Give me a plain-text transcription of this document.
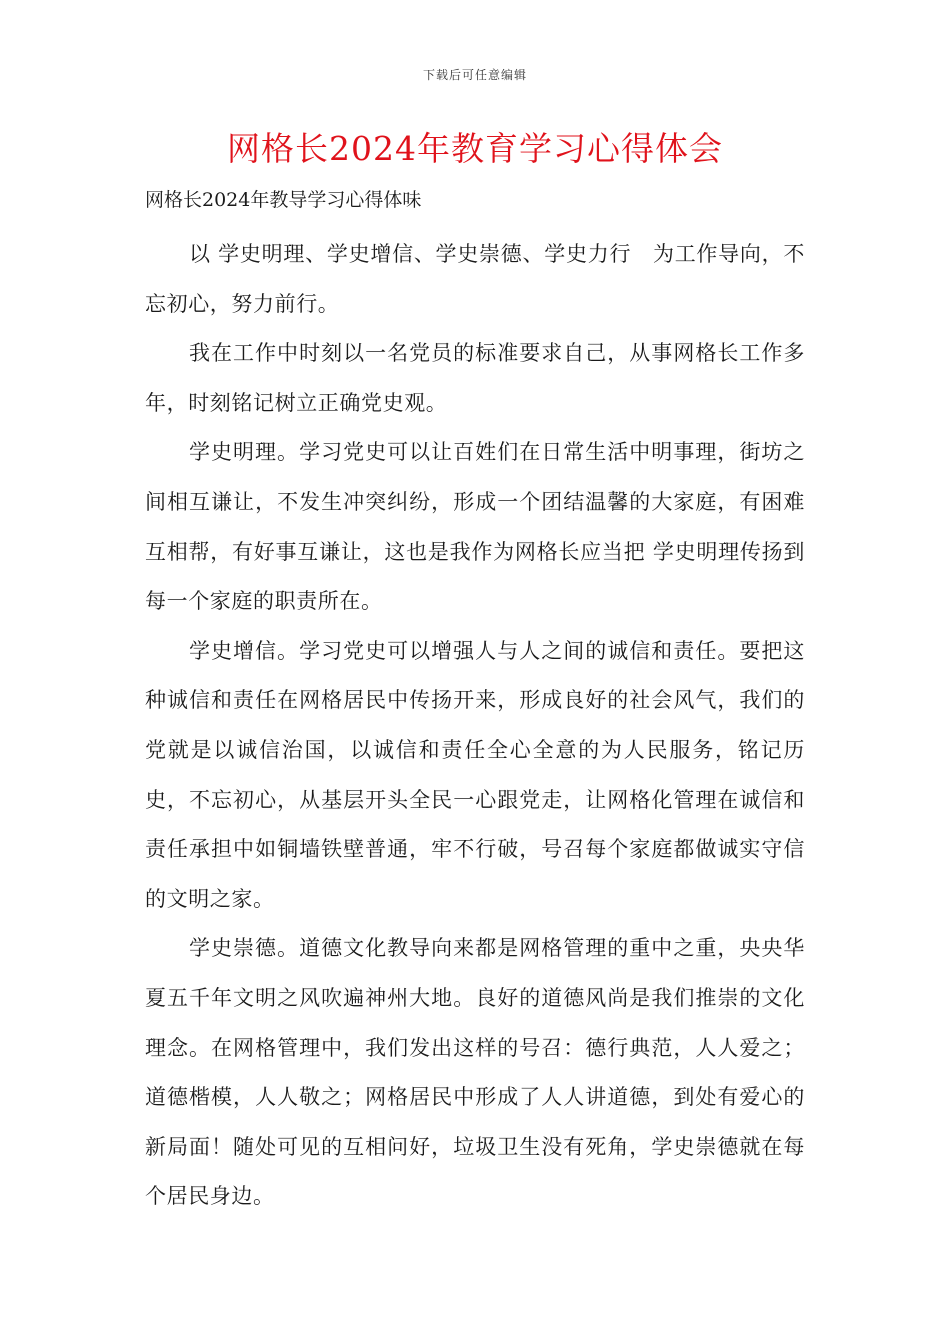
下载后可任意编辑
网格长2024年教育学习心得体会
网格长2024年教导学习心得体味

以 学史明理、学史增信、学史崇德、学史力行　为工作导向，不忘初心，努力前行。

我在工作中时刻以一名党员的标准要求自己，从事网格长工作多年，时刻铭记树立正确党史观。

学史明理。学习党史可以让百姓们在日常生活中明事理，街坊之间相互谦让，不发生冲突纠纷，形成一个团结温馨的大家庭，有困难互相帮，有好事互谦让，这也是我作为网格长应当把 学史明理传扬到每一个家庭的职责所在。

学史增信。学习党史可以增强人与人之间的诚信和责任。要把这种诚信和责任在网格居民中传扬开来，形成良好的社会风气，我们的党就是以诚信治国，以诚信和责任全心全意的为人民服务，铭记历史，不忘初心，从基层开头全民一心跟党走，让网格化管理在诚信和责任承担中如铜墙铁壁普通，牢不行破，号召每个家庭都做诚实守信的文明之家。

学史崇德。道德文化教导向来都是网格管理的重中之重，央央华夏五千年文明之风吹遍神州大地。良好的道德风尚是我们推崇的文化理念。在网格管理中，我们发出这样的号召：德行典范，人人爱之；道德楷模，人人敬之；网格居民中形成了人人讲道德，到处有爱心的新局面！随处可见的互相问好，垃圾卫生没有死角，学史崇德就在每个居民身边。
